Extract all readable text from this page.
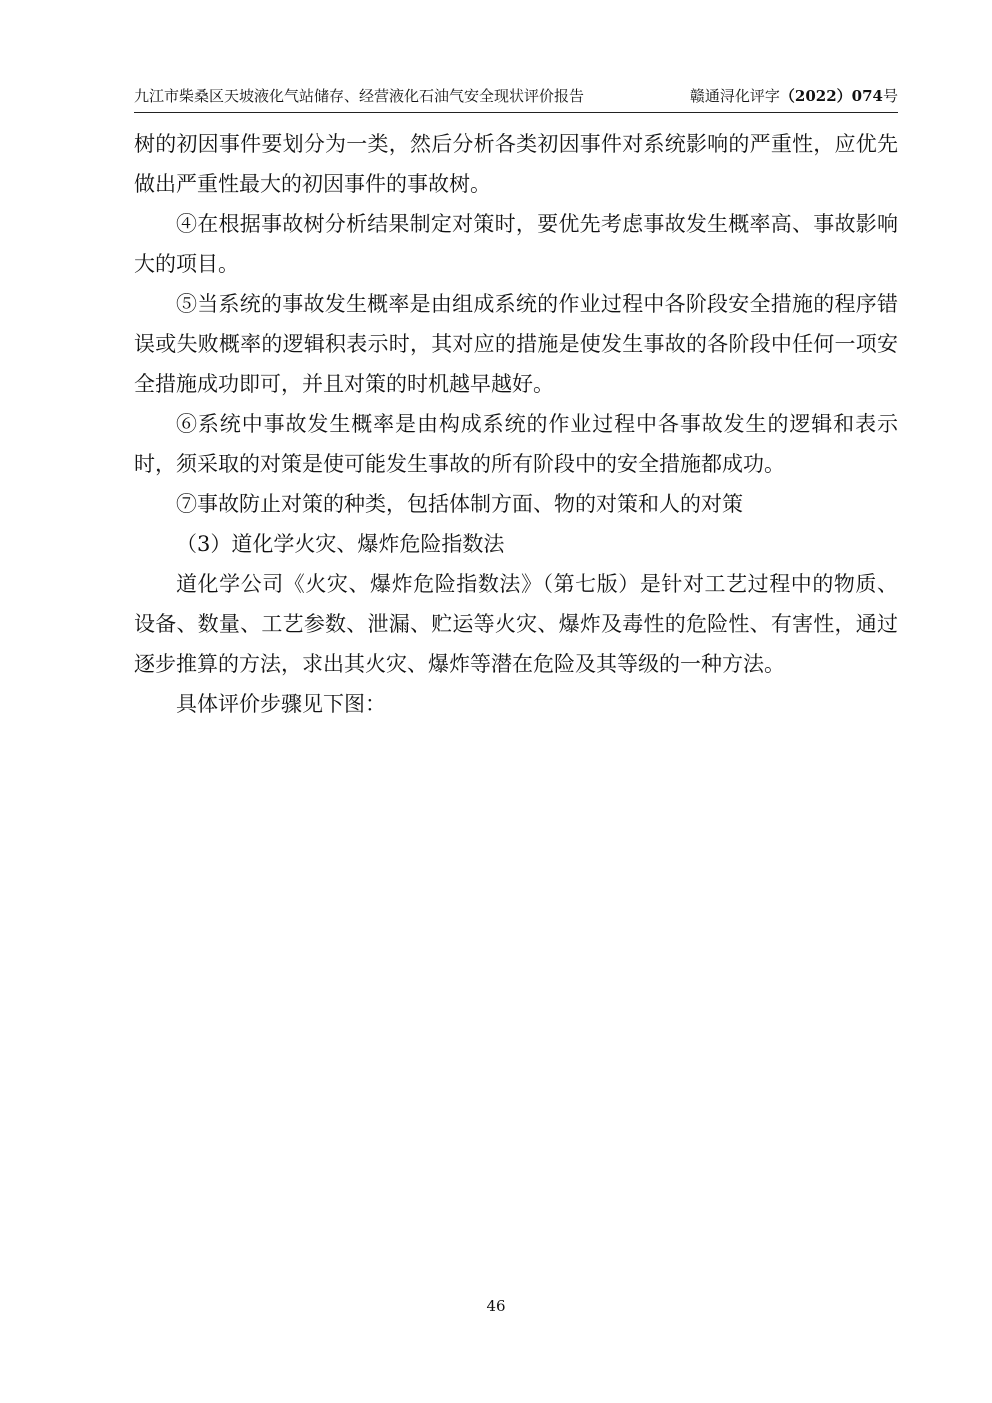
九江市柴桑区天坡液化气站储存、经营液化石油气安全现状评价报告	赣通浔化评字（2022）074号

树的初因事件要划分为一类，然后分析各类初因事件对系统影响的严重性，应优先做出严重性最大的初因事件的事故树。

④在根据事故树分析结果制定对策时，要优先考虑事故发生概率高、事故影响大的项目。

⑤当系统的事故发生概率是由组成系统的作业过程中各阶段安全措施的程序错误或失败概率的逻辑积表示时，其对应的措施是使发生事故的各阶段中任何一项安全措施成功即可，并且对策的时机越早越好。

⑥系统中事故发生概率是由构成系统的作业过程中各事故发生的逻辑和表示时，须采取的对策是使可能发生事故的所有阶段中的安全措施都成功。

⑦事故防止对策的种类，包括体制方面、物的对策和人的对策

（3）道化学火灾、爆炸危险指数法

道化学公司《火灾、爆炸危险指数法》（第七版）是针对工艺过程中的物质、设备、数量、工艺参数、泄漏、贮运等火灾、爆炸及毒性的危险性、有害性，通过逐步推算的方法，求出其火灾、爆炸等潜在危险及其等级的一种方法。

具体评价步骤见下图：

46
